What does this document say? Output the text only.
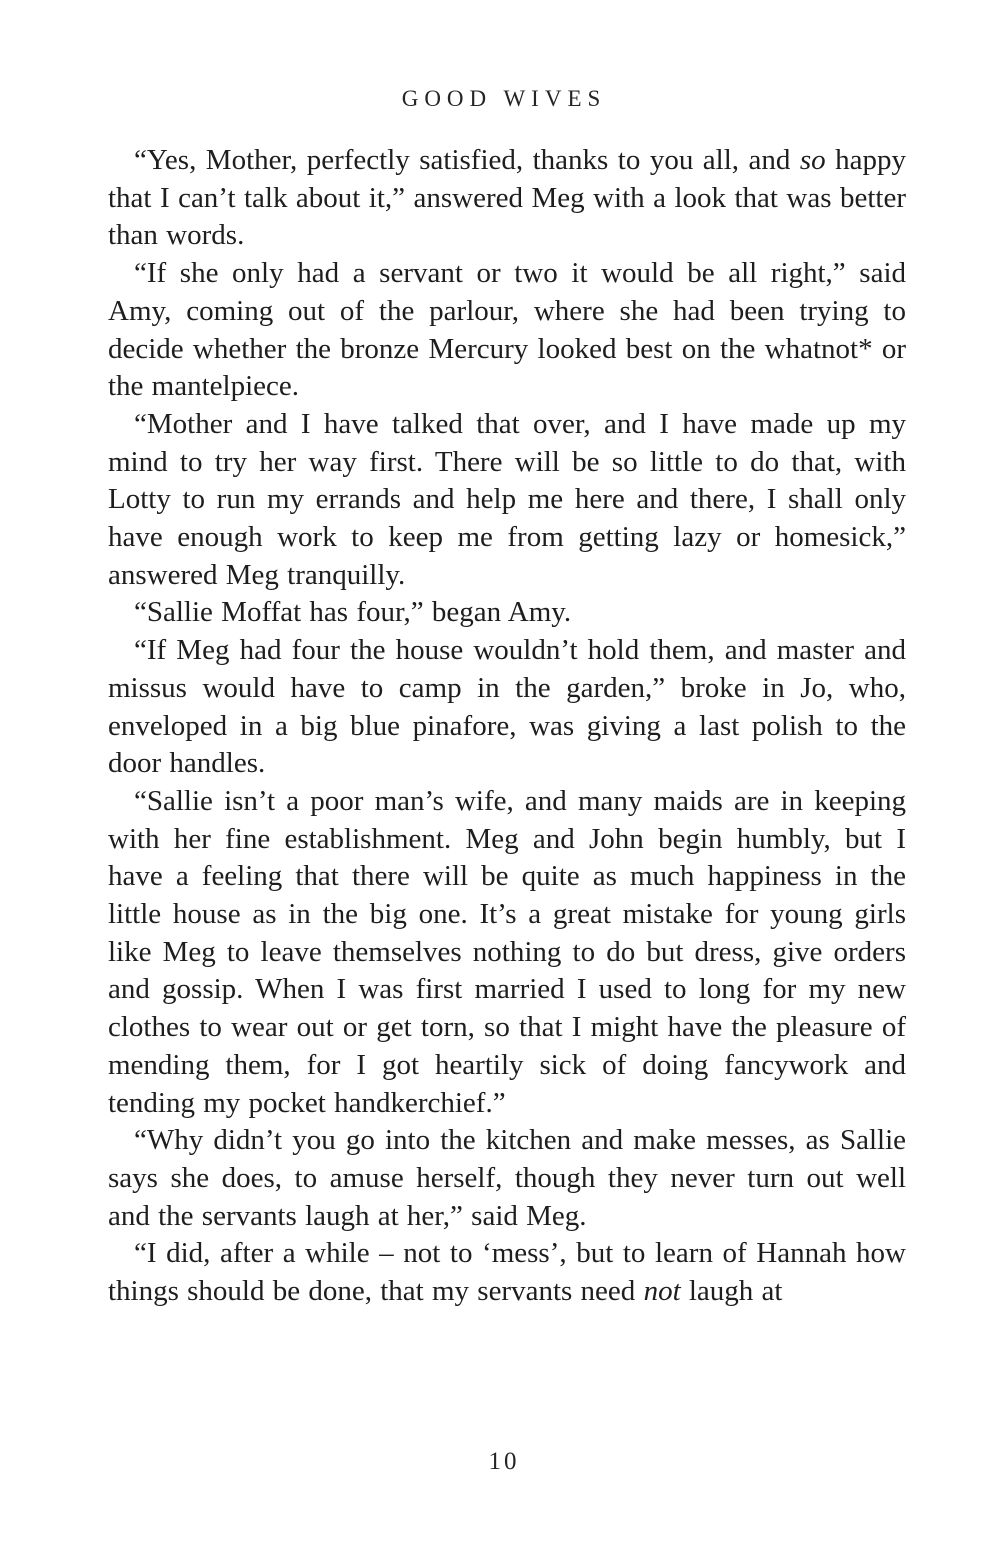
GOOD WIVES

“Yes, Mother, perfectly satisfied, thanks to you all, and so happy that I can’t talk about it,” answered Meg with a look that was better than words.

“If she only had a servant or two it would be all right,” said Amy, coming out of the parlour, where she had been trying to decide whether the bronze Mercury looked best on the whatnot* or the mantelpiece.

“Mother and I have talked that over, and I have made up my mind to try her way first. There will be so little to do that, with Lotty to run my errands and help me here and there, I shall only have enough work to keep me from getting lazy or homesick,” answered Meg tranquilly.

“Sallie Moffat has four,” began Amy.

“If Meg had four the house wouldn’t hold them, and master and missus would have to camp in the garden,” broke in Jo, who, enveloped in a big blue pinafore, was giving a last polish to the door handles.

“Sallie isn’t a poor man’s wife, and many maids are in keeping with her fine establishment. Meg and John begin humbly, but I have a feeling that there will be quite as much happiness in the little house as in the big one. It’s a great mistake for young girls like Meg to leave themselves nothing to do but dress, give orders and gossip. When I was first married I used to long for my new clothes to wear out or get torn, so that I might have the pleasure of mending them, for I got heartily sick of doing fancywork and tending my pocket handkerchief.”

“Why didn’t you go into the kitchen and make messes, as Sallie says she does, to amuse herself, though they never turn out well and the servants laugh at her,” said Meg.

“I did, after a while – not to ‘mess’, but to learn of Hannah how things should be done, that my servants need not laugh at

10
